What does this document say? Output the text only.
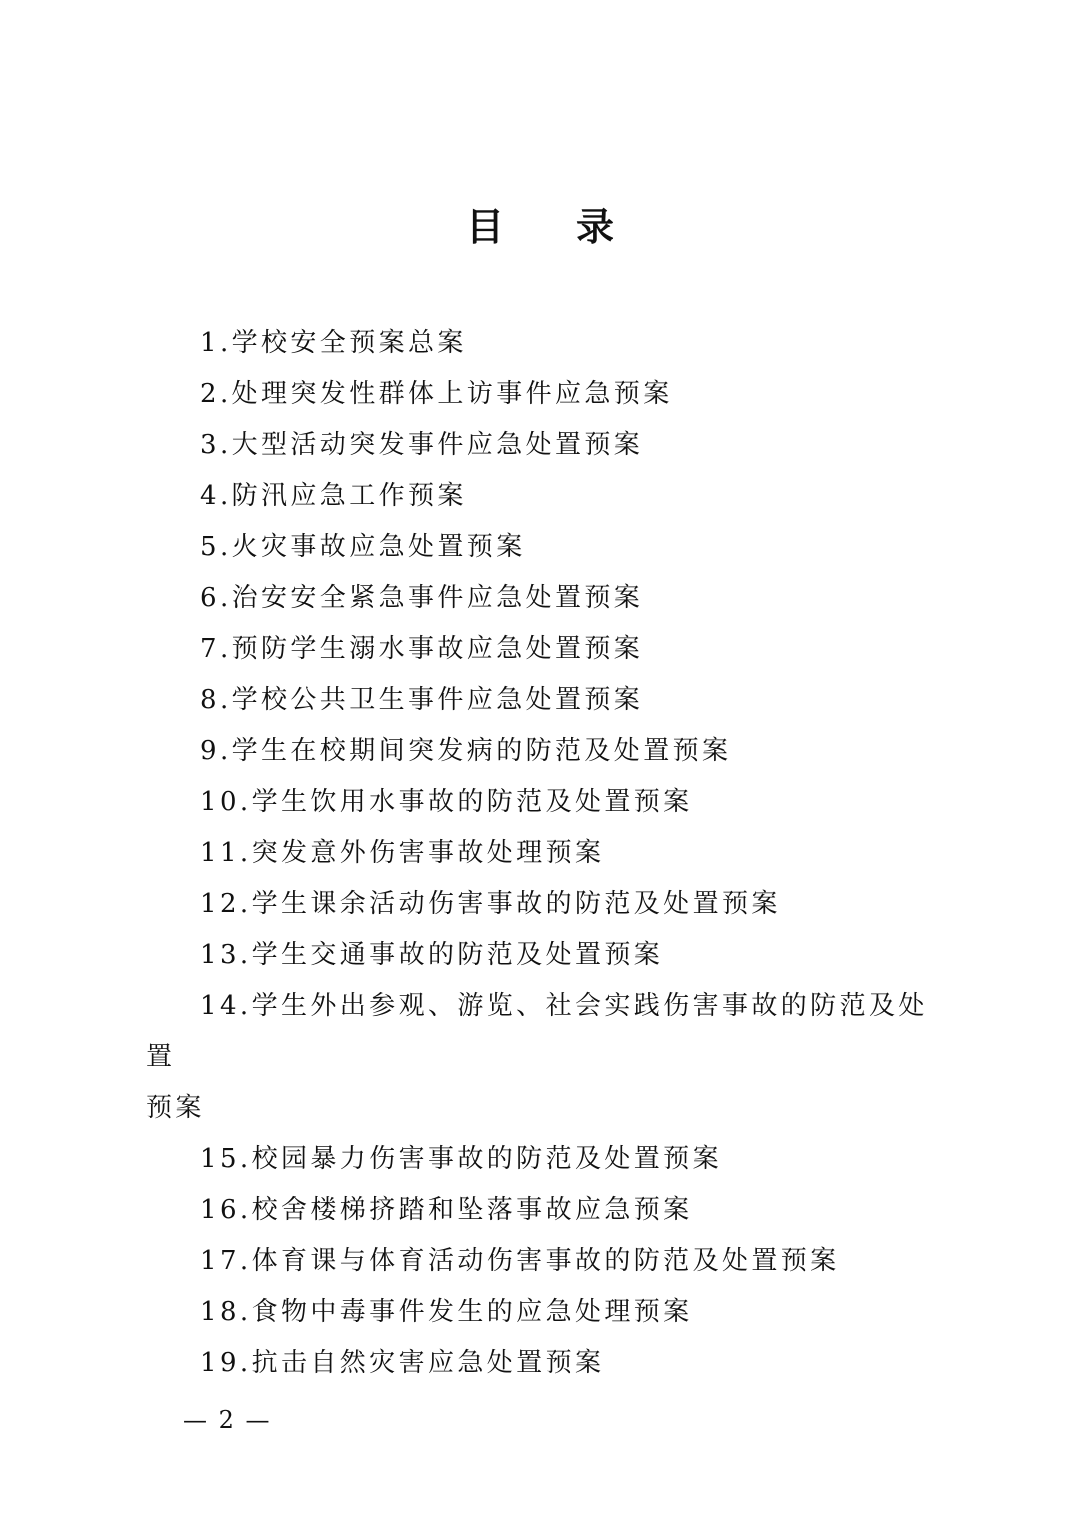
目 录
1.学校安全预案总案
2.处理突发性群体上访事件应急预案
3.大型活动突发事件应急处置预案
4.防汛应急工作预案
5.火灾事故应急处置预案
6.治安安全紧急事件应急处置预案
7.预防学生溺水事故应急处置预案
8.学校公共卫生事件应急处置预案
9.学生在校期间突发病的防范及处置预案
10.学生饮用水事故的防范及处置预案
11.突发意外伤害事故处理预案
12.学生课余活动伤害事故的防范及处置预案
13.学生交通事故的防范及处置预案
14.学生外出参观、游览、社会实践伤害事故的防范及处置
预案
15.校园暴力伤害事故的防范及处置预案
16.校舍楼梯挤踏和坠落事故应急预案
17.体育课与体育活动伤害事故的防范及处置预案
18.食物中毒事件发生的应急处理预案
19.抗击自然灾害应急处置预案
— 2 —
